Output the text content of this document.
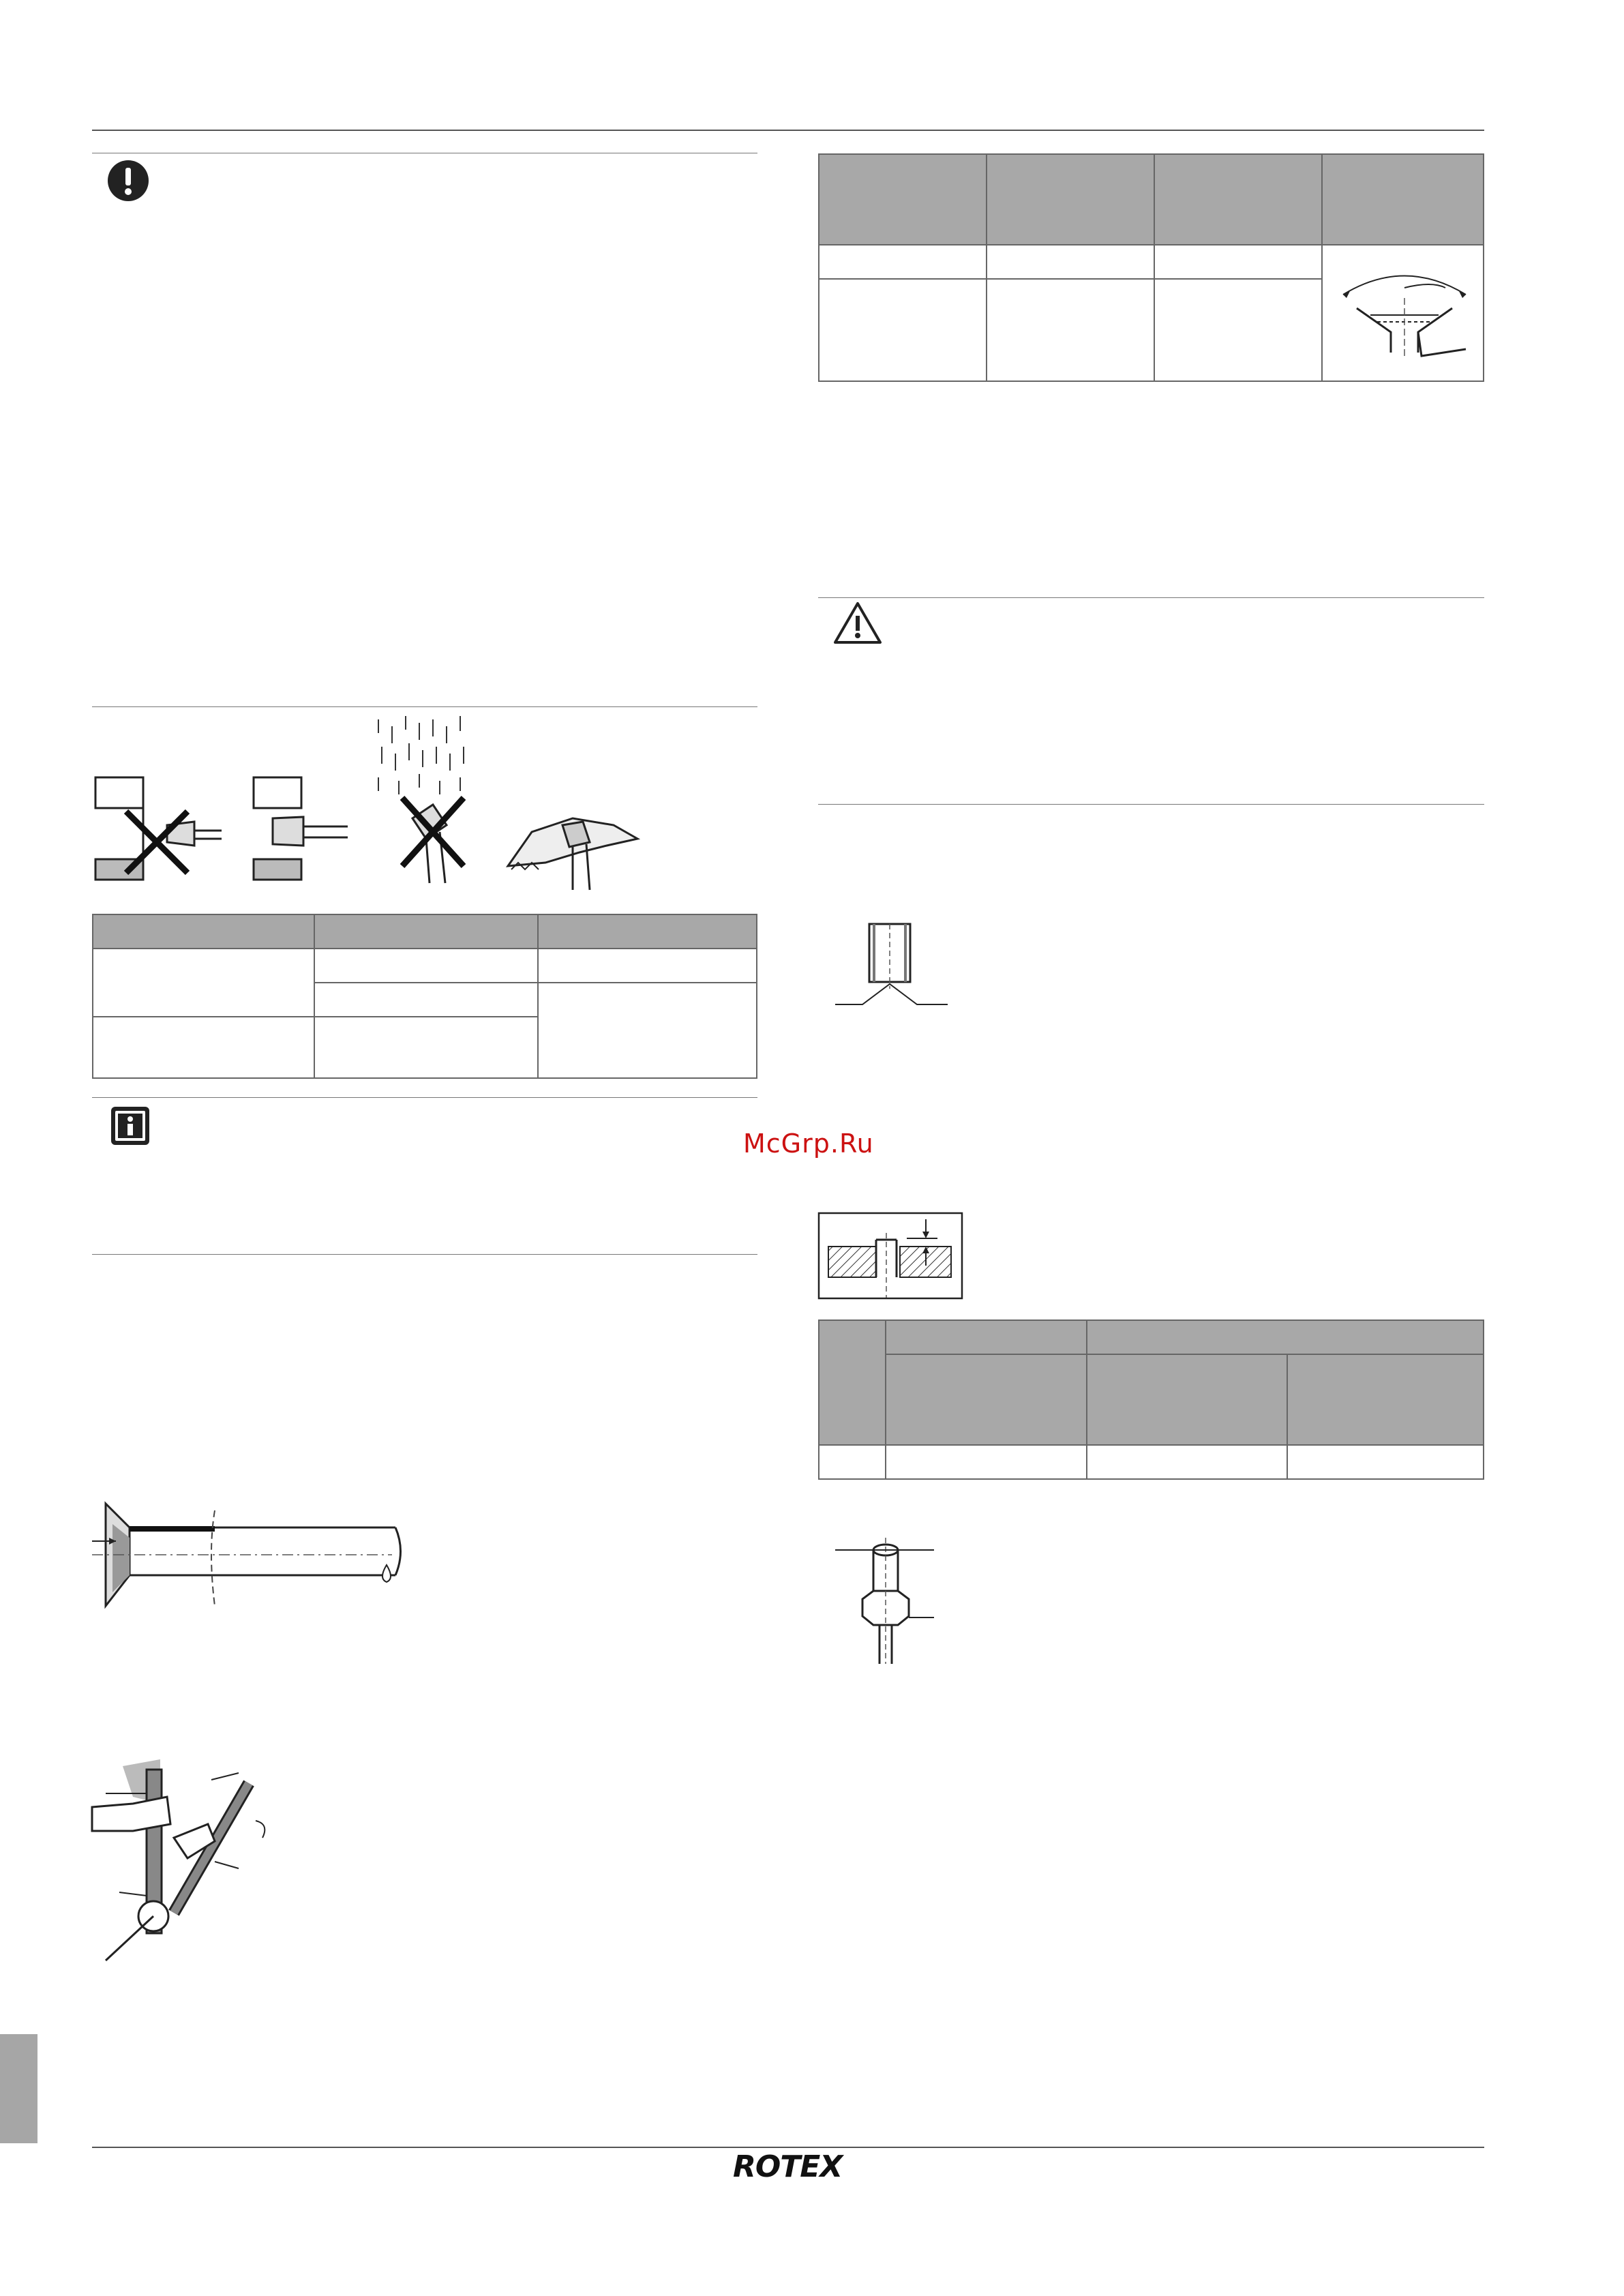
McGrp.Ru

ROTEX
